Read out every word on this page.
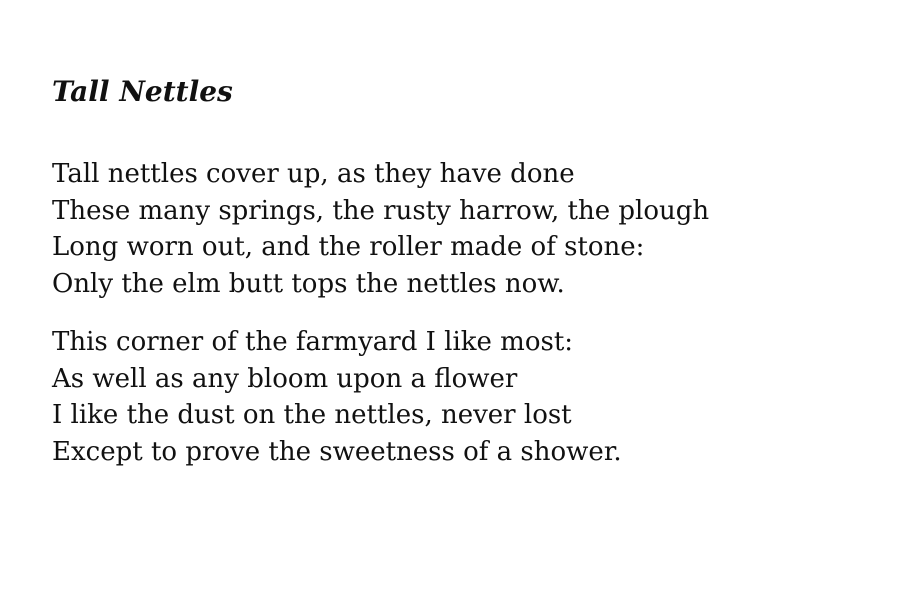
Tall Nettles
Tall nettles cover up, as they have done
These many springs, the rusty harrow, the plough
Long worn out, and the roller made of stone:
Only the elm butt tops the nettles now.
This corner of the farmyard I like most:
As well as any bloom upon a flower
I like the dust on the nettles, never lost
Except to prove the sweetness of a shower.
